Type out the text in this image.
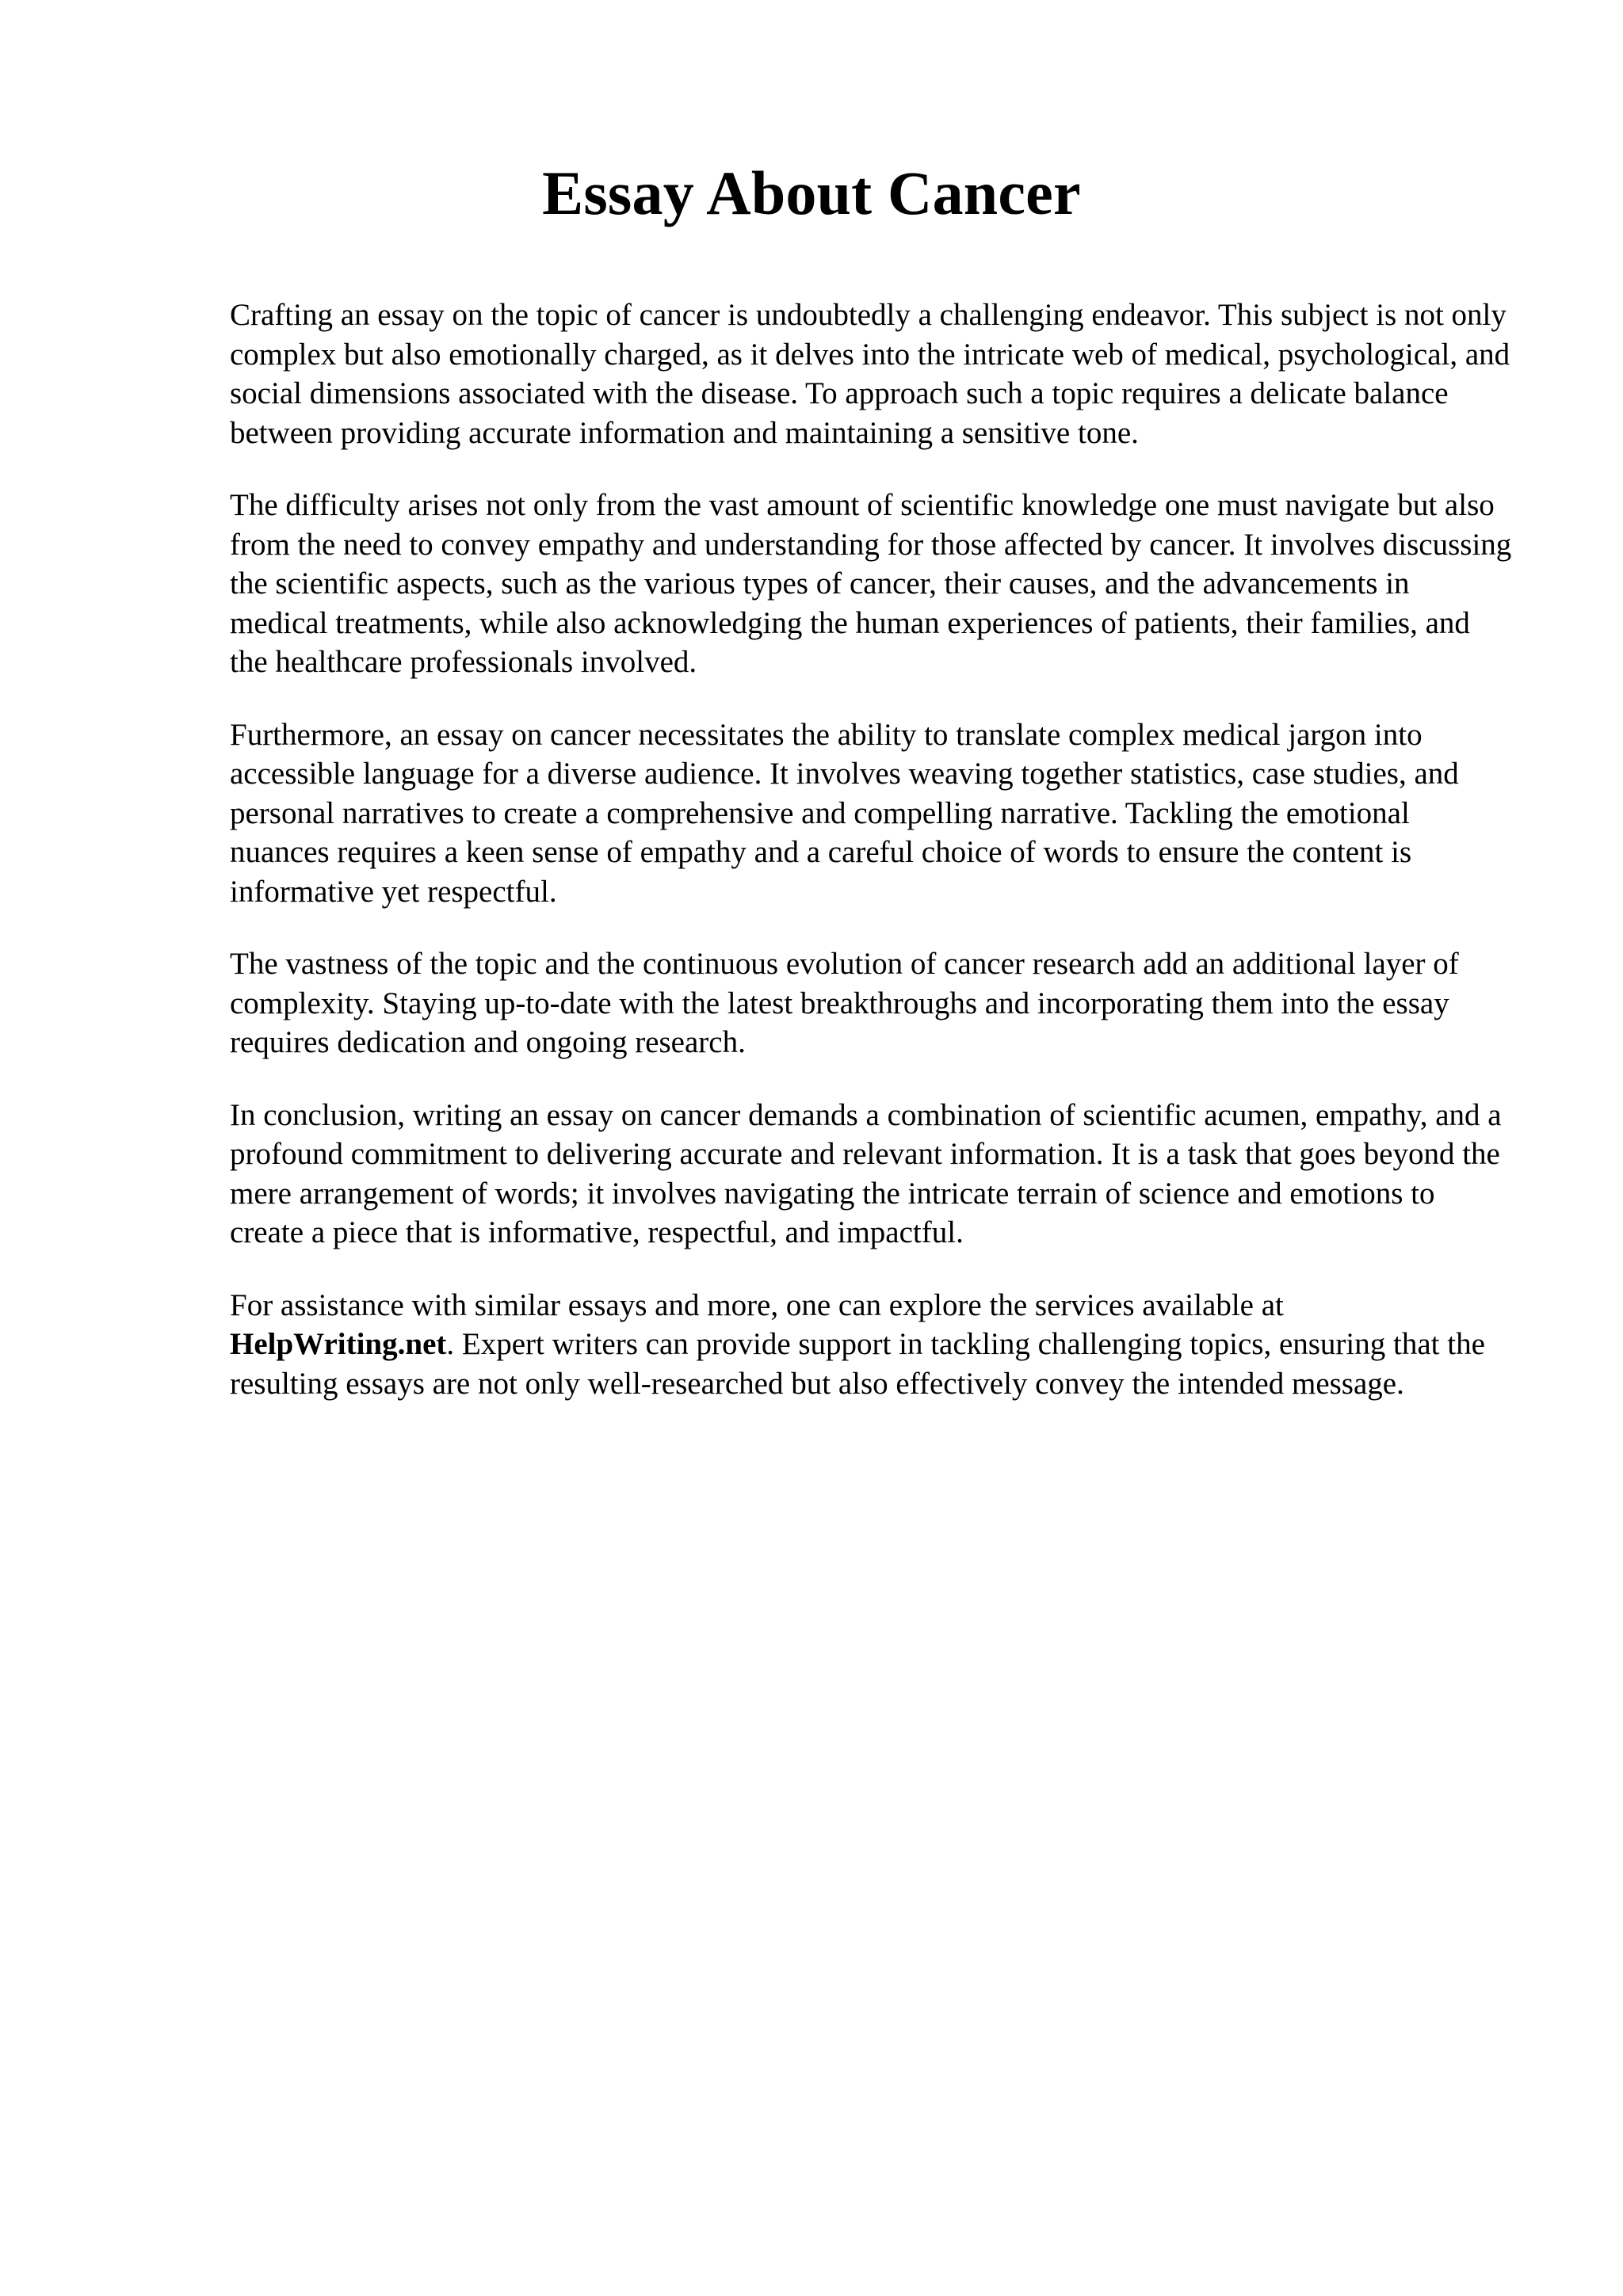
Essay About Cancer

Crafting an essay on the topic of cancer is undoubtedly a challenging endeavor. This subject is not only complex but also emotionally charged, as it delves into the intricate web of medical, psychological, and social dimensions associated with the disease. To approach such a topic requires a delicate balance between providing accurate information and maintaining a sensitive tone.

The difficulty arises not only from the vast amount of scientific knowledge one must navigate but also from the need to convey empathy and understanding for those affected by cancer. It involves discussing the scientific aspects, such as the various types of cancer, their causes, and the advancements in medical treatments, while also acknowledging the human experiences of patients, their families, and the healthcare professionals involved.

Furthermore, an essay on cancer necessitates the ability to translate complex medical jargon into accessible language for a diverse audience. It involves weaving together statistics, case studies, and personal narratives to create a comprehensive and compelling narrative. Tackling the emotional nuances requires a keen sense of empathy and a careful choice of words to ensure the content is informative yet respectful.

The vastness of the topic and the continuous evolution of cancer research add an additional layer of complexity. Staying up-to-date with the latest breakthroughs and incorporating them into the essay requires dedication and ongoing research.

In conclusion, writing an essay on cancer demands a combination of scientific acumen, empathy, and a profound commitment to delivering accurate and relevant information. It is a task that goes beyond the mere arrangement of words; it involves navigating the intricate terrain of science and emotions to create a piece that is informative, respectful, and impactful.

For assistance with similar essays and more, one can explore the services available at HelpWriting.net. Expert writers can provide support in tackling challenging topics, ensuring that the resulting essays are not only well-researched but also effectively convey the intended message.
